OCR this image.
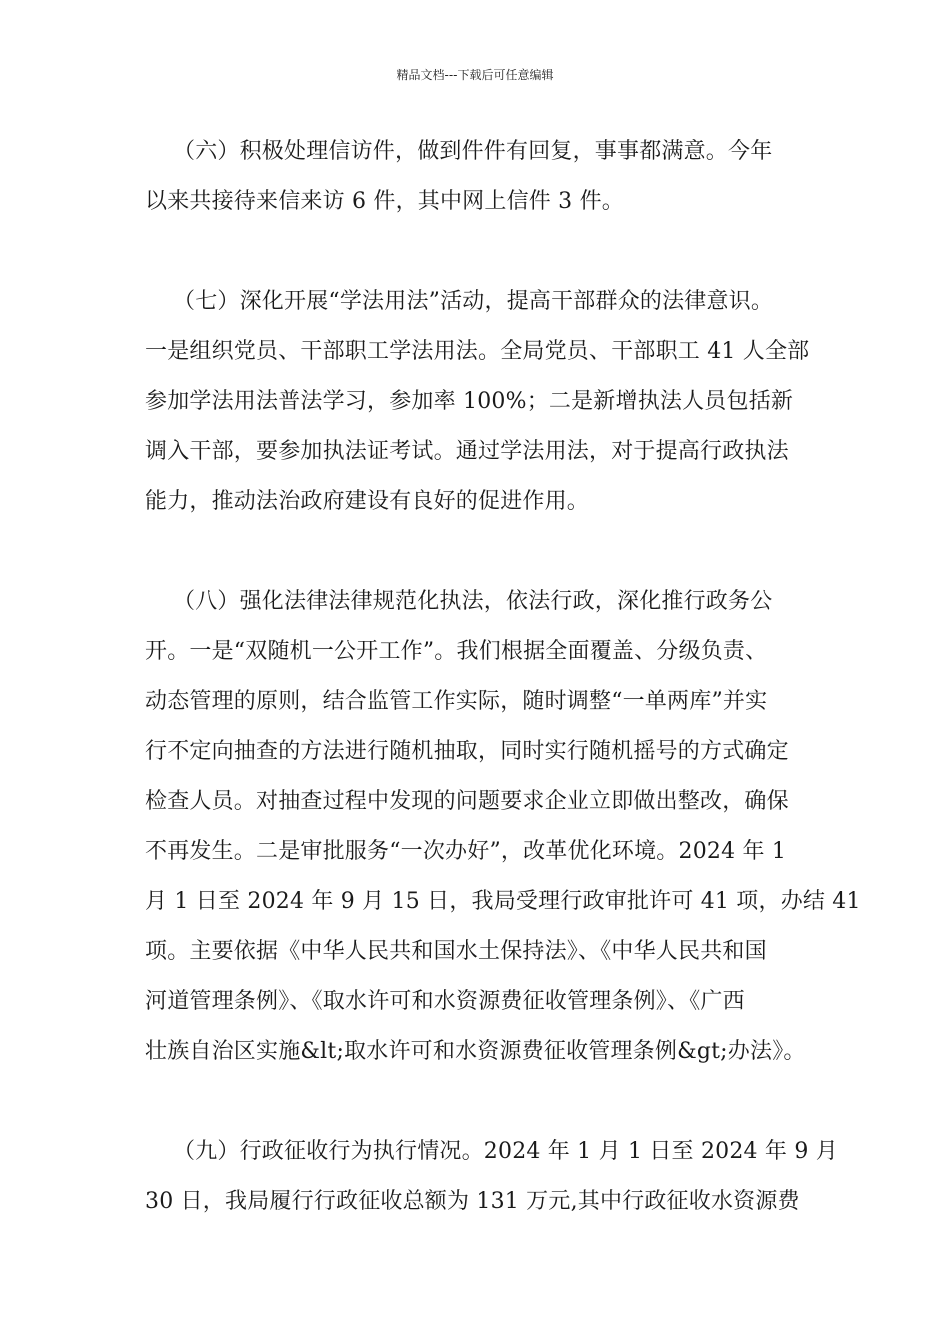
精品文档---下载后可任意编辑
（六）积极处理信访件，做到件件有回复，事事都满意。今年
以来共接待来信来访 6 件，其中网上信件 3 件。
（七）深化开展“学法用法”活动，提高干部群众的法律意识。
一是组织党员、干部职工学法用法。全局党员、干部职工 41 人全部
参加学法用法普法学习，参加率 100%；二是新增执法人员包括新
调入干部，要参加执法证考试。通过学法用法，对于提高行政执法
能力，推动法治政府建设有良好的促进作用。
（八）强化法律法律规范化执法，依法行政，深化推行政务公
开。一是“双随机一公开工作”。我们根据全面覆盖、分级负责、
动态管理的原则，结合监管工作实际，随时调整“一单两库”并实
行不定向抽查的方法进行随机抽取，同时实行随机摇号的方式确定
检查人员。对抽查过程中发现的问题要求企业立即做出整改，确保
不再发生。二是审批服务“一次办好”，改革优化环境。2024 年 1
月 1 日至 2024 年 9 月 15 日，我局受理行政审批许可 41 项，办结 41
项。主要依据《中华人民共和国水土保持法》、《中华人民共和国
河道管理条例》、《取水许可和水资源费征收管理条例》、《广西
壮族自治区实施&lt;取水许可和水资源费征收管理条例&gt;办法》。
（九）行政征收行为执行情况。2024 年 1 月 1 日至 2024 年 9 月
30 日，我局履行行政征收总额为 131 万元,其中行政征收水资源费
